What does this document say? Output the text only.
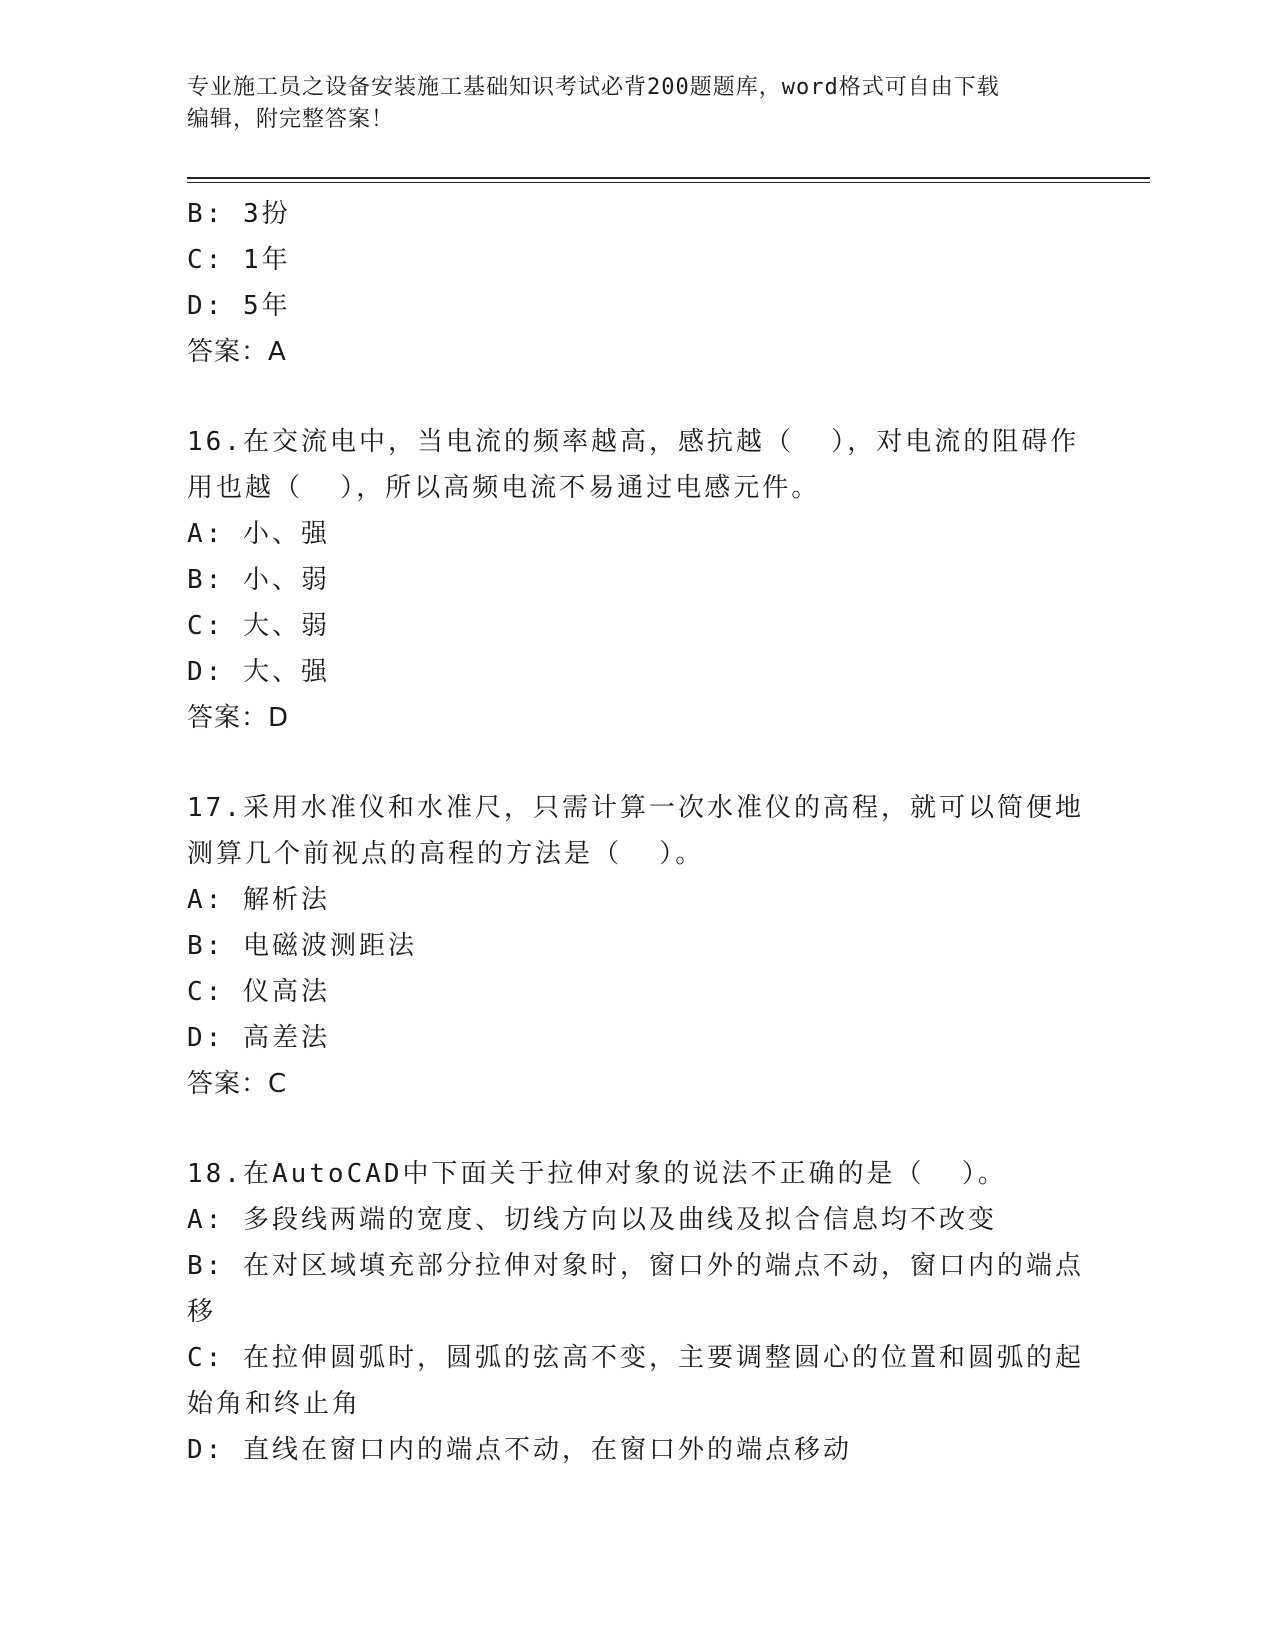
专业施工员之设备安装施工基础知识考试必背200题题库，word格式可自由下载
编辑，附完整答案！
B: 3扮
C: 1年
D: 5年
答案：A
16.在交流电中，当电流的频率越高，感抗越（  ），对电流的阻碍作
用也越（  ），所以高频电流不易通过电感元件。
A: 小、强
B: 小、弱
C: 大、弱
D: 大、强
答案：D
17.采用水准仪和水准尺，只需计算一次水准仪的高程，就可以简便地
测算几个前视点的高程的方法是（  ）。
A: 解析法
B: 电磁波测距法
C: 仪高法
D: 高差法
答案：C
18.在AutoCAD中下面关于拉伸对象的说法不正确的是（  ）。
A: 多段线两端的宽度、切线方向以及曲线及拟合信息均不改变
B: 在对区域填充部分拉伸对象时，窗口外的端点不动，窗口内的端点
移
C: 在拉伸圆弧时，圆弧的弦高不变，主要调整圆心的位置和圆弧的起
始角和终止角
D: 直线在窗口内的端点不动，在窗口外的端点移动
